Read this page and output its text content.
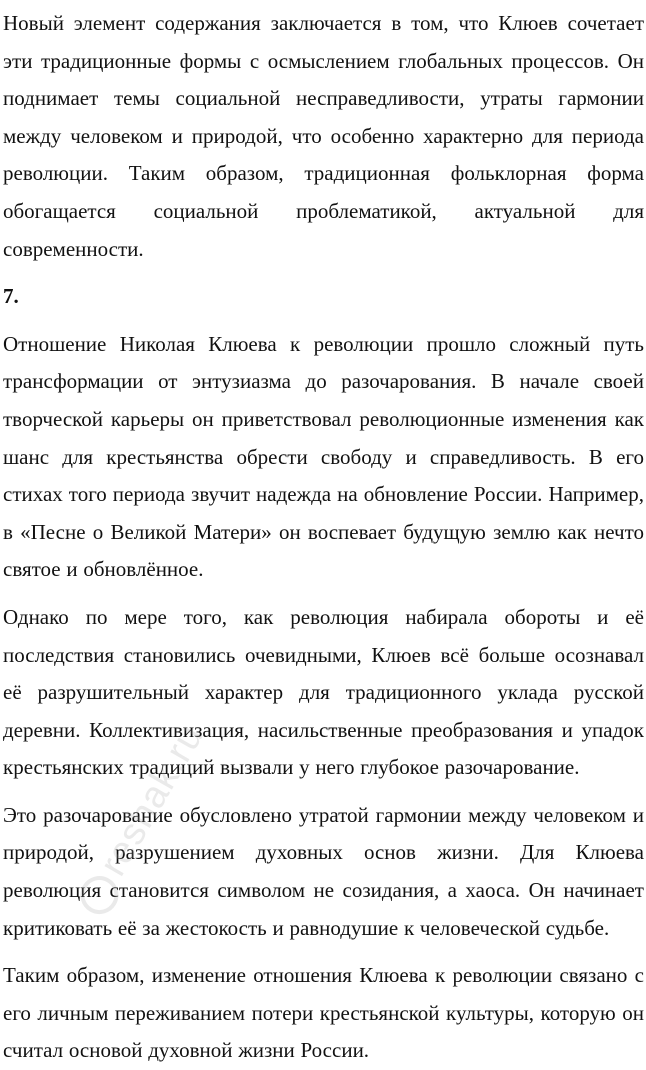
Новый элемент содержания заключается в том, что Клюев сочетает эти традиционные формы с осмыслением глобальных процессов. Он поднимает темы социальной несправедливости, утраты гармонии между человеком и природой, что особенно характерно для периода революции. Таким образом, традиционная фольклорная форма обогащается социальной проблематикой, актуальной для современности.

7.

Отношение Николая Клюева к революции прошло сложный путь трансформации от энтузиазма до разочарования. В начале своей творческой карьеры он приветствовал революционные изменения как шанс для крестьянства обрести свободу и справедливость. В его стихах того периода звучит надежда на обновление России. Например, в «Песне о Великой Матери» он воспевает будущую землю как нечто святое и обновлённое.

Однако по мере того, как революция набирала обороты и её последствия становились очевидными, Клюев всё больше осознавал её разрушительный характер для традиционного уклада русской деревни. Коллективизация, насильственные преобразования и упадок крестьянских традиций вызвали у него глубокое разочарование.

Это разочарование обусловлено утратой гармонии между человеком и природой, разрушением духовных основ жизни. Для Клюева революция становится символом не созидания, а хаоса. Он начинает критиковать её за жестокость и равнодушие к человеческой судьбе.

Таким образом, изменение отношения Клюева к революции связано с его личным переживанием потери крестьянской культуры, которую он считал основой духовной жизни России.

reshak.ru
